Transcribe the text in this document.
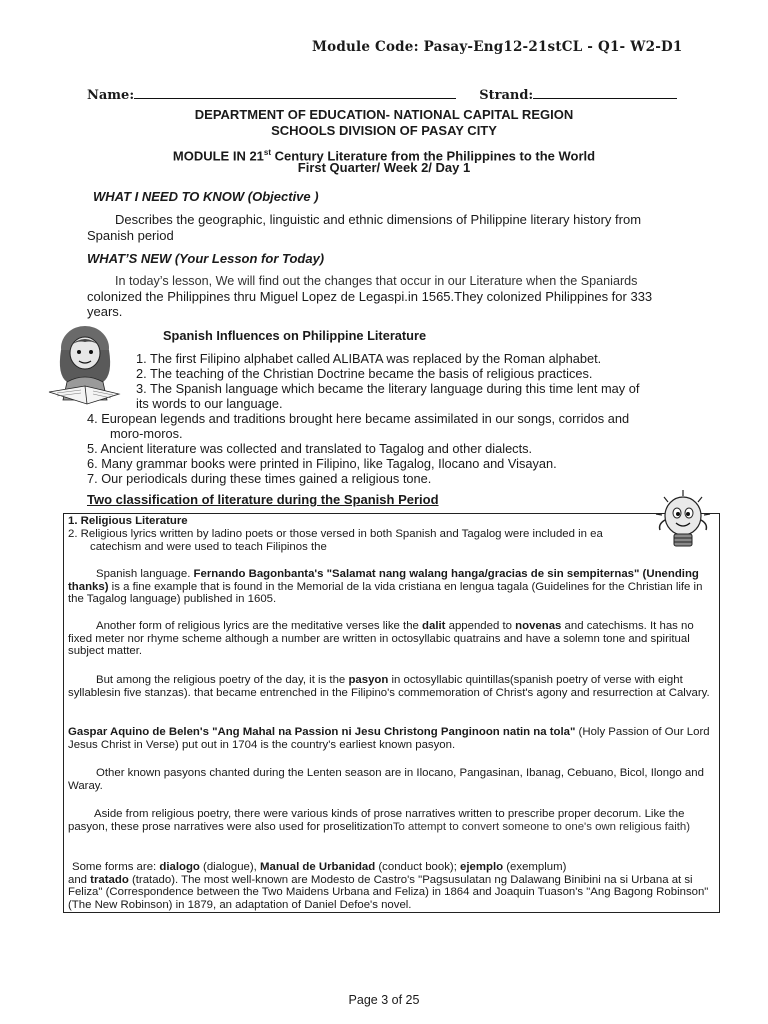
Module Code: Pasay-Eng12-21stCL - Q1- W2-D1
Name:	Strand:
DEPARTMENT OF EDUCATION- NATIONAL CAPITAL REGION
SCHOOLS DIVISION OF PASAY CITY
MODULE IN 21st Century Literature from the Philippines to the World
First Quarter/ Week 2/ Day 1
WHAT I NEED TO KNOW (Objective )
Describes the geographic, linguistic and ethnic dimensions of Philippine literary history from Spanish period
WHAT’S NEW (Your Lesson for Today)
In today’s lesson, We will find out the changes that occur in our Literature when the Spaniards
colonized the Philippines thru Miguel Lopez de Legaspi.in 1565.They colonized Philippines for 333
years.
Spanish Influences on Philippine Literature
1. The first Filipino alphabet called ALIBATA was replaced by the Roman alphabet.
2. The teaching of the Christian Doctrine became the basis of religious practices.
3. The Spanish language which became the literary language during this time lent may of
its words to our language.
4. European legends and traditions brought here became assimilated in our songs, corridos and
moro-moros.
5. Ancient literature was collected and translated to Tagalog and other dialects.
6. Many grammar books were printed in Filipino, like Tagalog, Ilocano and Visayan.
7. Our periodicals during these times gained a religious tone.
Two classification of literature during the Spanish Period

1. Religious Literature

2. Religious lyrics written by ladino poets or those versed in both Spanish and Tagalog were included in ea

catechism and were used to teach Filipinos the

Spanish language. Fernando Bagonbanta's "Salamat nang walang hanga/gracias de sin sempiternas" (Unending thanks) is a fine example that is found in the Memorial de la vida cristiana en lengua tagala (Guidelines for the Christian life in the Tagalog language) published in 1605.

Another form of religious lyrics are the meditative verses like the dalit appended to novenas and catechisms. It has no fixed meter nor rhyme scheme although a number are written in octosyllabic quatrains and have a solemn tone and spiritual subject matter.

But among the religious poetry of the day, it is the pasyon in octosyllabic quintillas(spanish poetry of verse with eight syllablesin five stanzas). that became entrenched in the Filipino's commemoration of Christ's agony and resurrection at Calvary.

Gaspar Aquino de Belen's "Ang Mahal na Passion ni Jesu Christong Panginoon natin na tola" (Holy Passion of Our Lord Jesus Christ in Verse) put out in 1704 is the country's earliest known pasyon.

Other known pasyons chanted during the Lenten season are in Ilocano, Pangasinan, Ibanag, Cebuano, Bicol, Ilongo and Waray.

Aside from religious poetry, there were various kinds of prose narratives written to prescribe proper decorum. Like the pasyon, these prose narratives were also used for proselitizationTo attempt to convert someone to one's own religious faith)

Some forms are: dialogo (dialogue), Manual de Urbanidad (conduct book); ejemplo (exemplum)
and tratado (tratado). The most well-known are Modesto de Castro's "Pagsusulatan ng Dalawang Binibini na si Urbana at si Feliza" (Correspondence between the Two Maidens Urbana and Feliza) in 1864 and Joaquin Tuason's "Ang Bagong Robinson" (The New Robinson) in 1879, an adaptation of Daniel Defoe's novel.

Page 3 of 25
